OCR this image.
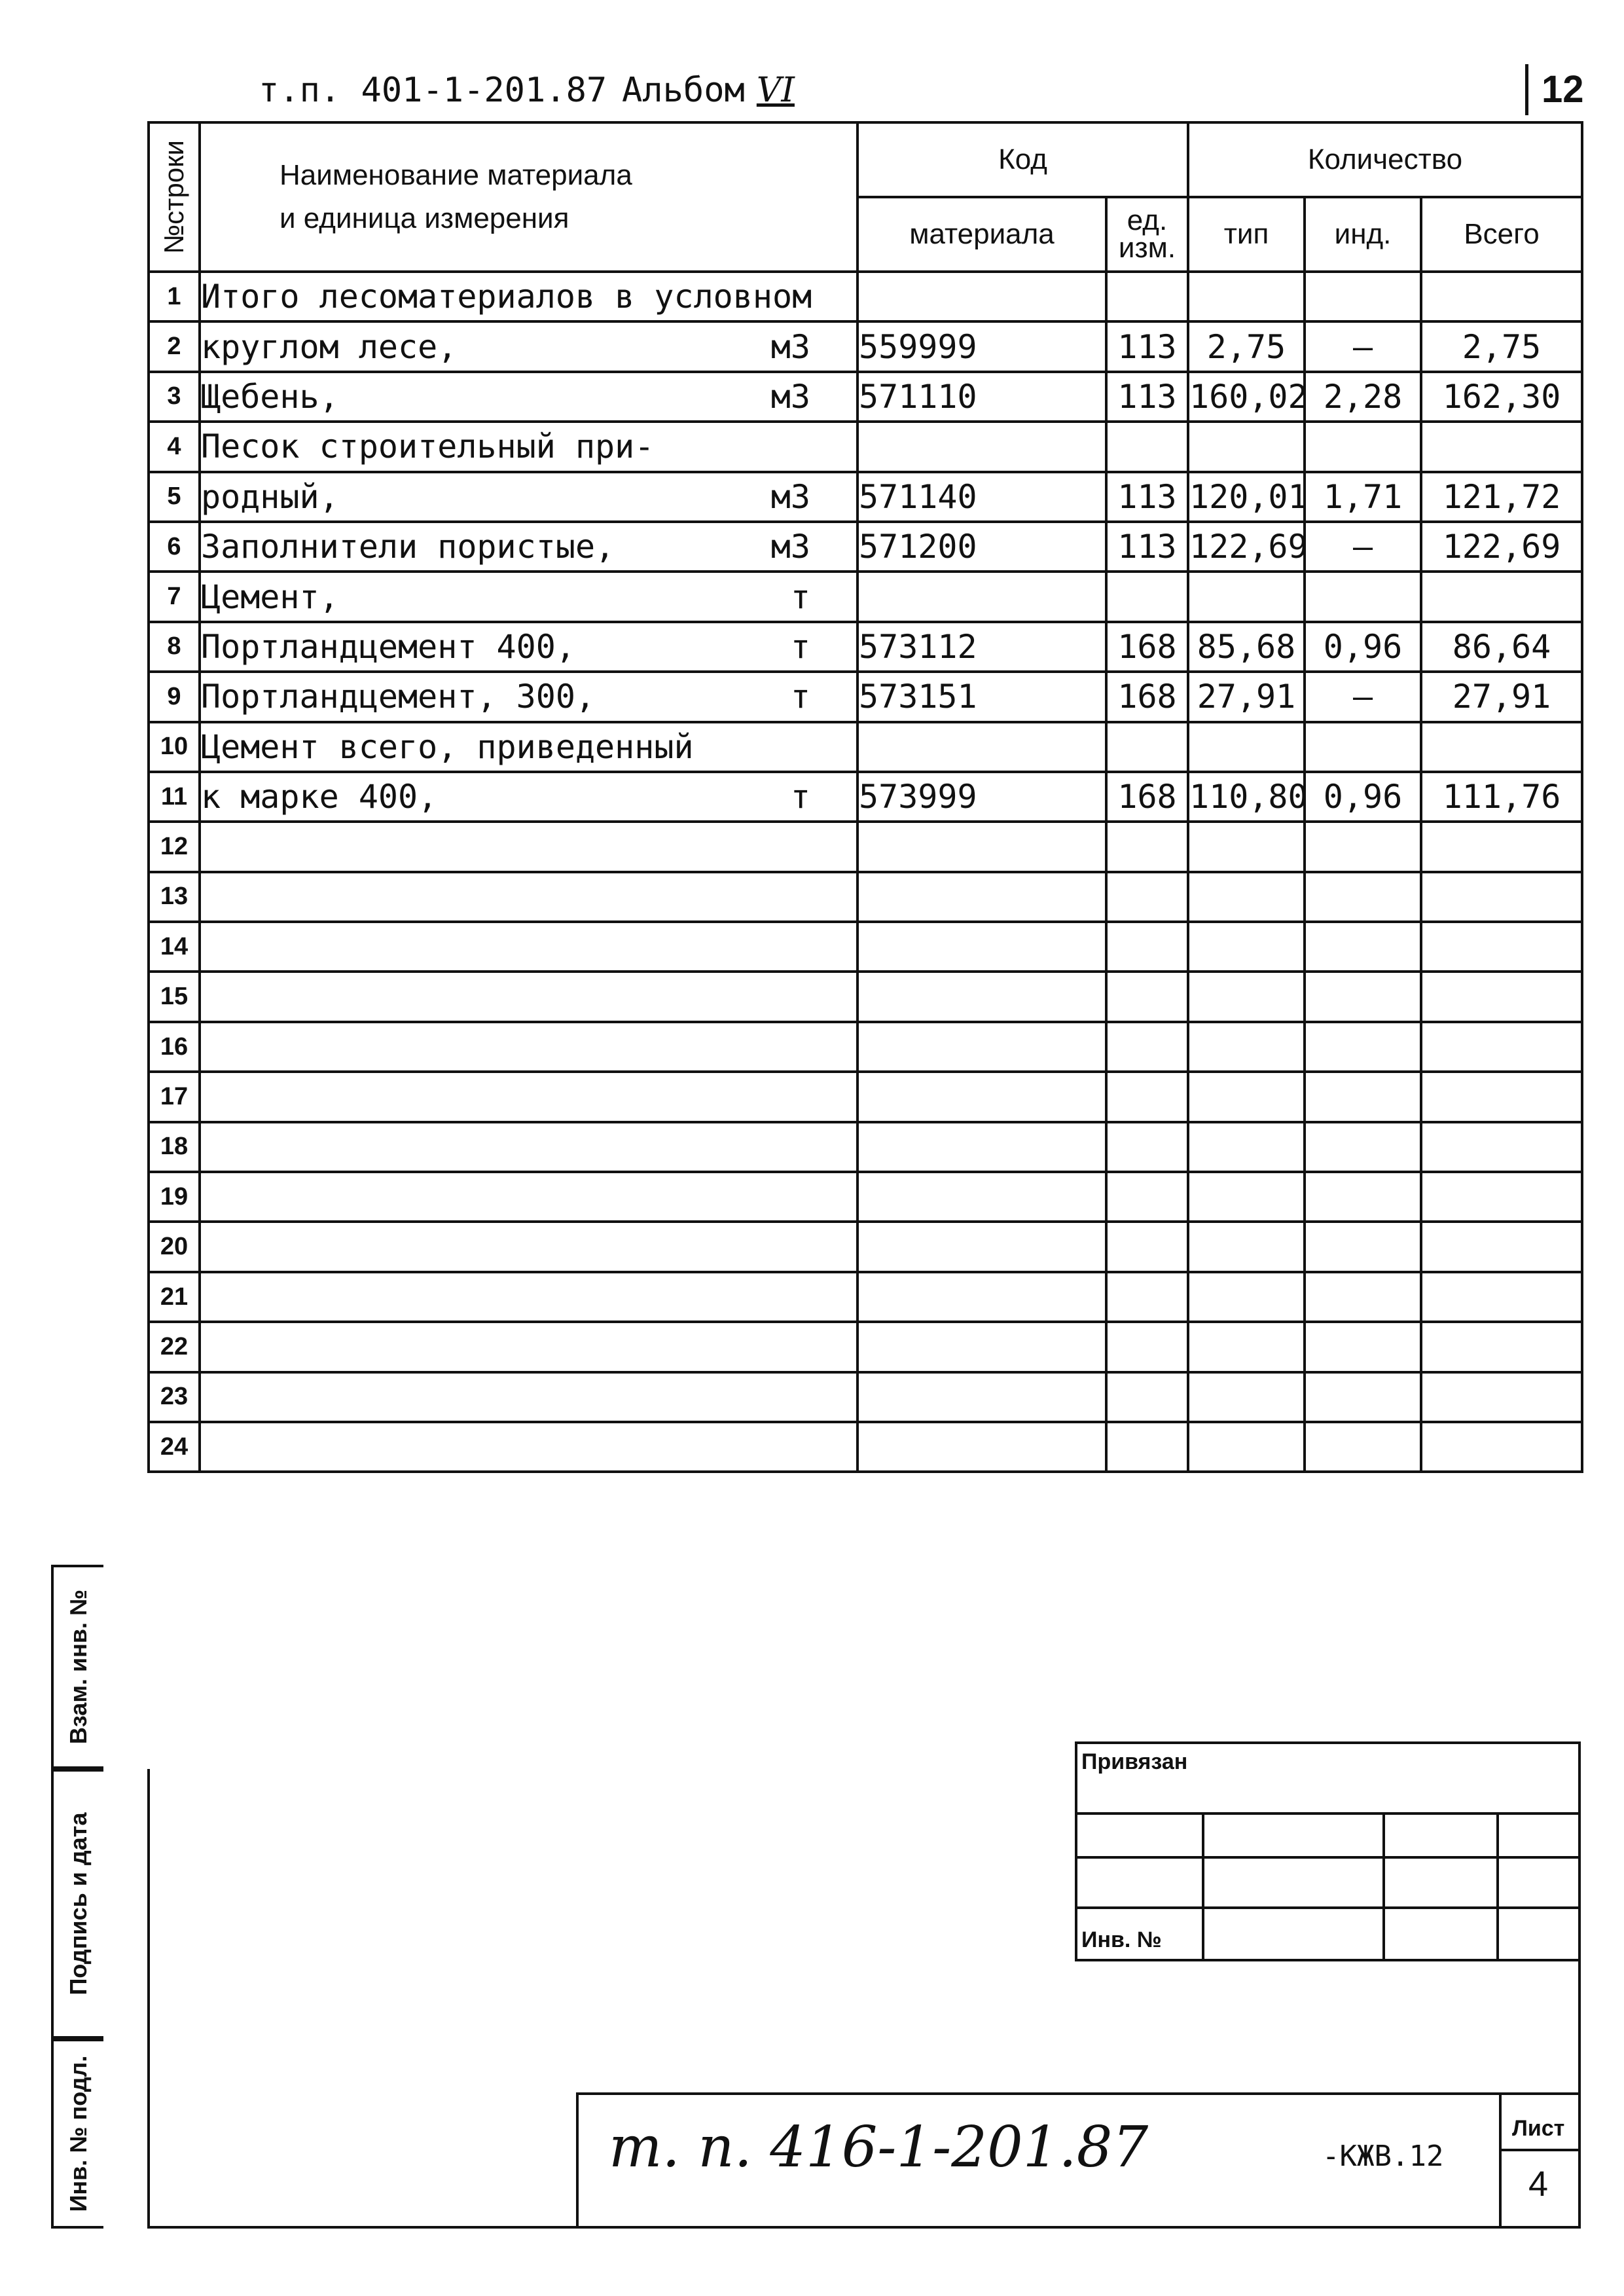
т.п. 401-1-201.87 Альбом VI	12
№строки	Наименование материала
и единица измерения	Код		Количество		
		материала	ед. изм.	тип	инд.	Всего
1	Итого лесоматериалов в условном

2	круглом лесе, м3	559999	113	2,75	–	2,75
3	Щебень, м3	571110	113	160,02	2,28	162,30
4	Песок строительный при-

5	родный, м3	571140	113	120,01	1,71	121,72
6	Заполнители пористые, м3	571200	113	122,69	–	122,69
7	Цемент, т					

8	Портландцемент 400, т	573112	168	85,68	0,96	86,64
9	Портландцемент, 300, т	573151	168	27,91	–	27,91
10	Цемент всего, приведенный

11	к марке 400, т	573999	168	110,80	0,96	111,76
12	

13	

14	

15	

16	

17	

18	

19	

20	

21	

22	

23	

24	

Взам. инв. №
Подпись и дата
Инв. № подл.
Привязан
Инв. №
т. п. 416-1-201.87	-КЖВ.12
Лист
4
